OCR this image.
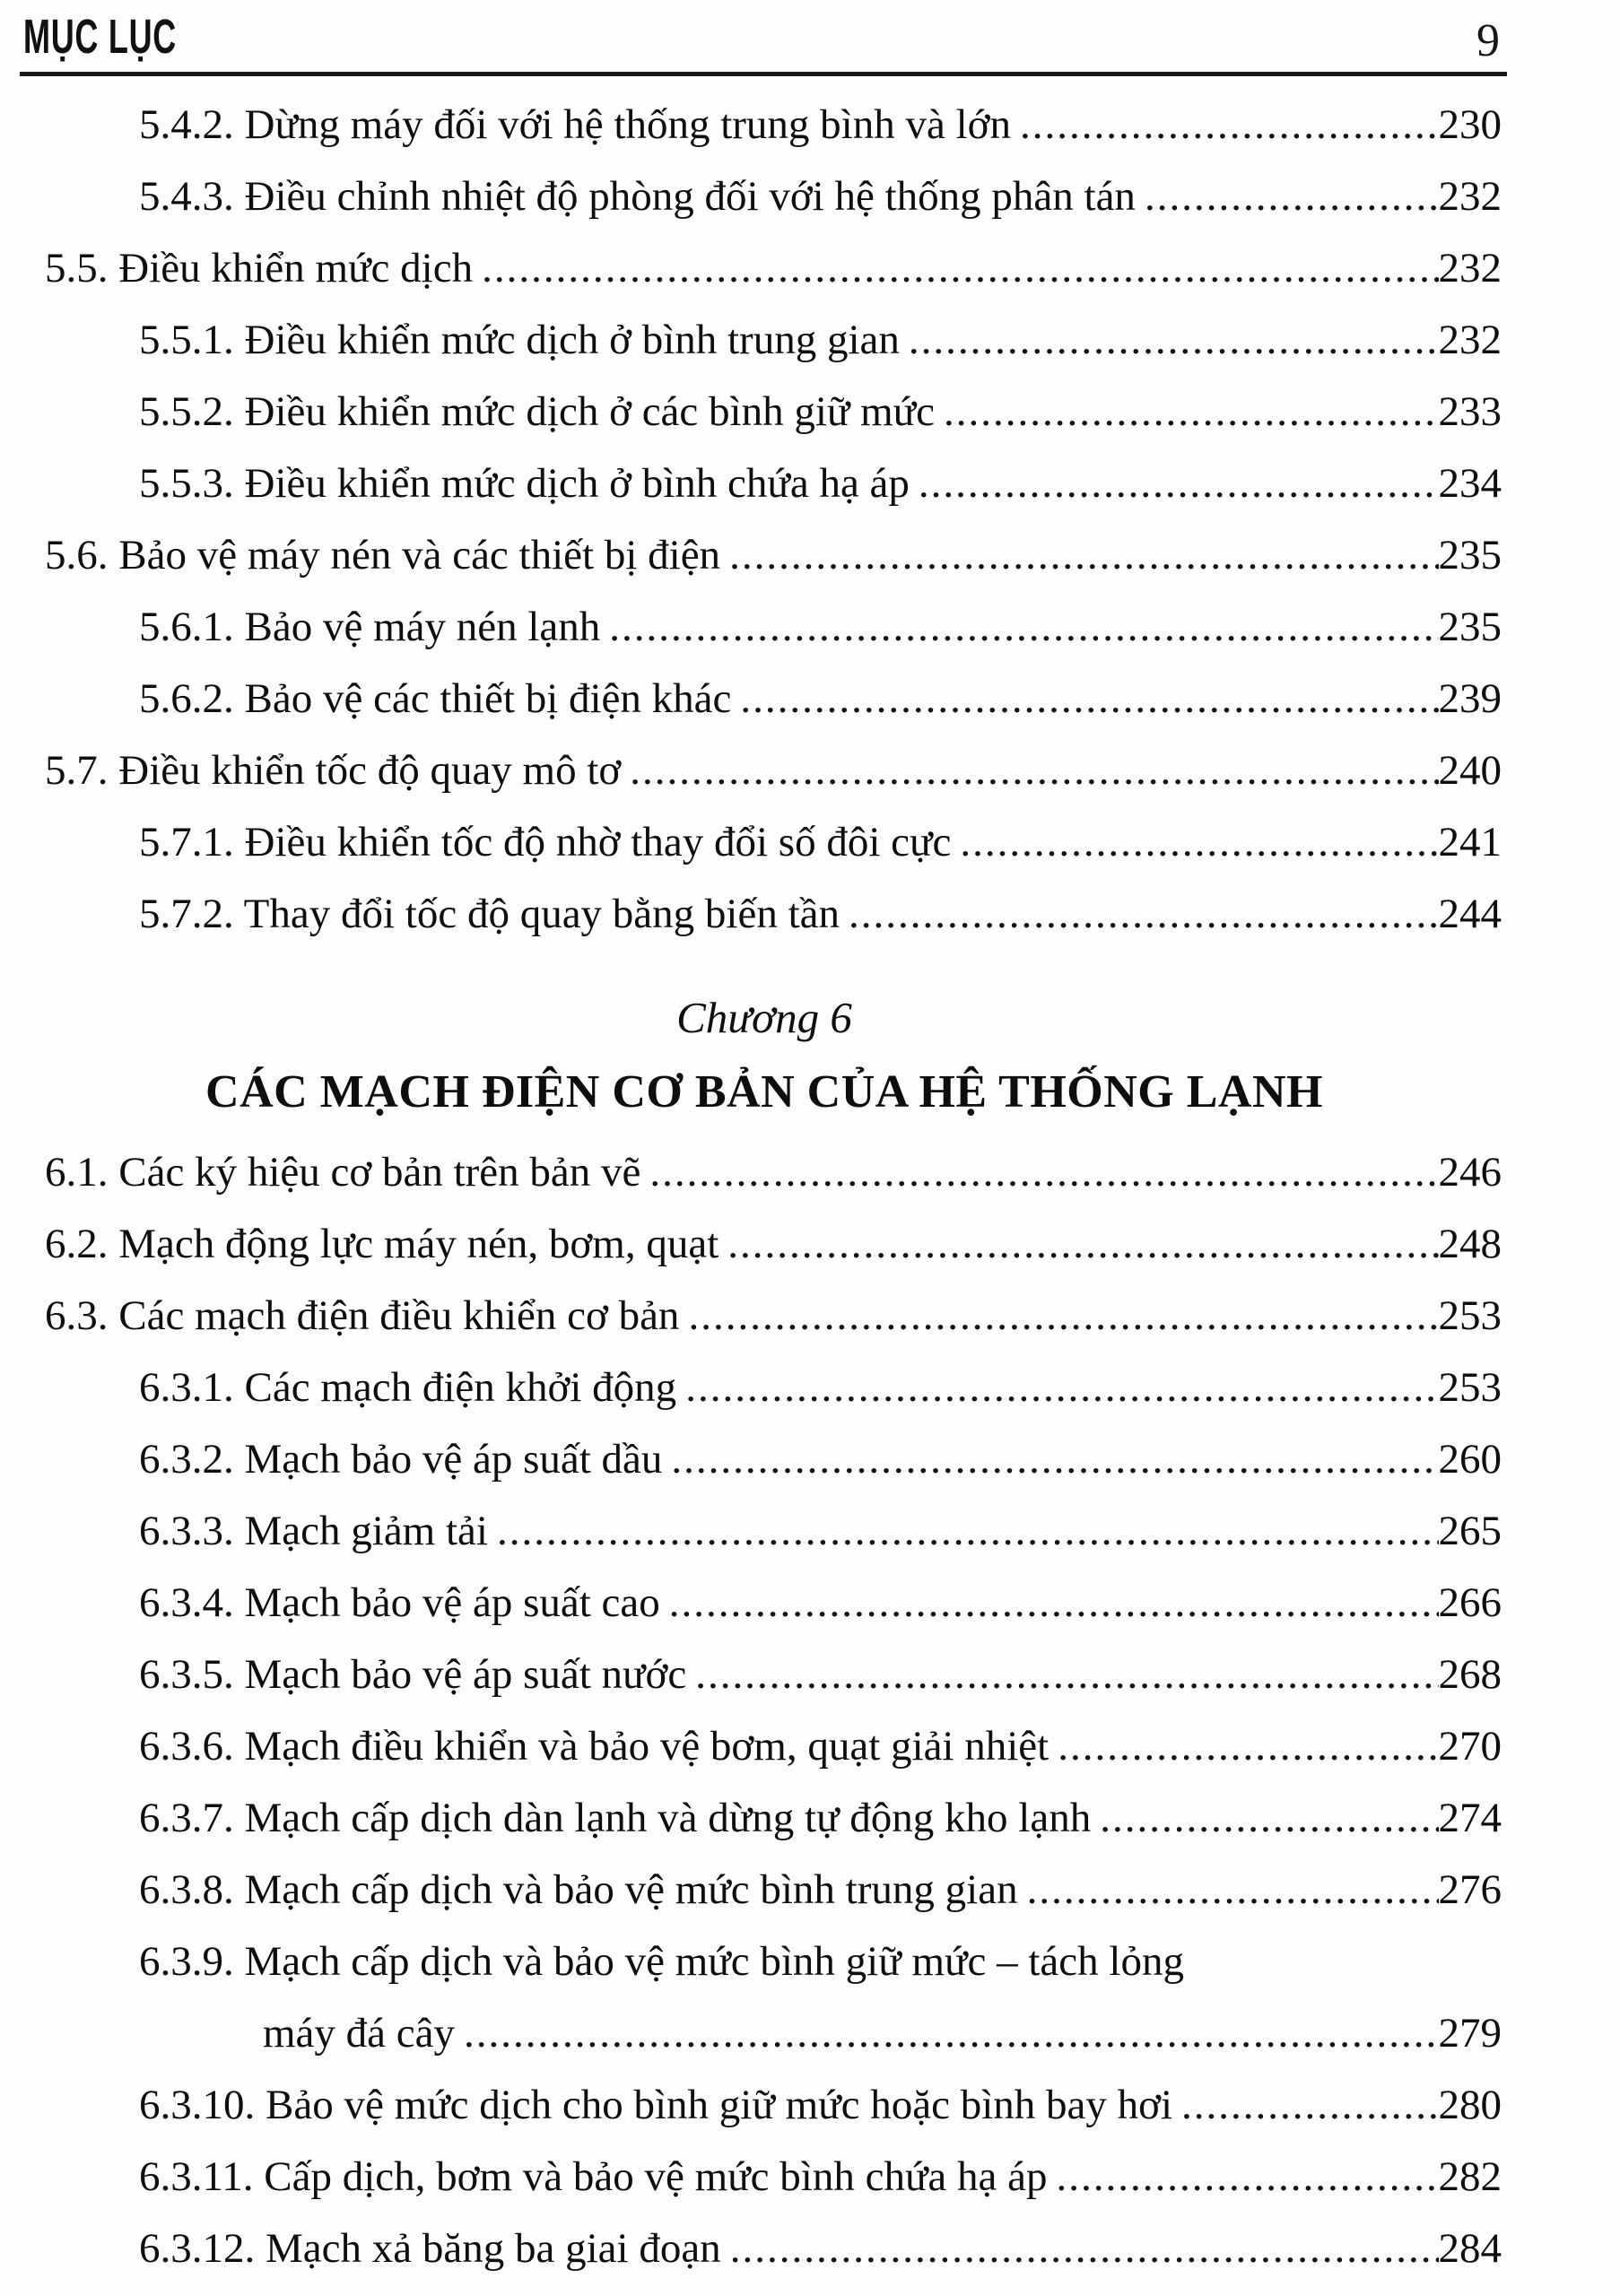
MỤC LỤC	9
5.4.2. Dừng máy đối với hệ thống trung bình và lớn .....	230
5.4.3. Điều chỉnh nhiệt độ phòng đối với hệ thống phân tán .....	232
5.5. Điều khiển mức dịch .....	232
5.5.1. Điều khiển mức dịch ở bình trung gian .....	232
5.5.2. Điều khiển mức dịch ở các bình giữ mức .....	233
5.5.3. Điều khiển mức dịch ở bình chứa hạ áp .....	234
5.6. Bảo vệ máy nén và các thiết bị điện .....	235
5.6.1. Bảo vệ máy nén lạnh .....	235
5.6.2. Bảo vệ các thiết bị điện khác .....	239
5.7. Điều khiển tốc độ quay mô tơ .....	240
5.7.1. Điều khiển tốc độ nhờ thay đổi số đôi cực .....	241
5.7.2. Thay đổi tốc độ quay bằng biến tần .....	244
Chương 6
CÁC MẠCH ĐIỆN CƠ BẢN CỦA HỆ THỐNG LẠNH
6.1. Các ký hiệu cơ bản trên bản vẽ .....	246
6.2. Mạch động lực máy nén, bơm, quạt .....	248
6.3. Các mạch điện điều khiển cơ bản .....	253
6.3.1. Các mạch điện khởi động .....	253
6.3.2. Mạch bảo vệ áp suất dầu .....	260
6.3.3. Mạch giảm tải .....	265
6.3.4. Mạch bảo vệ áp suất cao .....	266
6.3.5. Mạch bảo vệ áp suất nước .....	268
6.3.6. Mạch điều khiển và bảo vệ bơm, quạt giải nhiệt .....	270
6.3.7. Mạch cấp dịch dàn lạnh và dừng tự động kho lạnh .....	274
6.3.8. Mạch cấp dịch và bảo vệ mức bình trung gian .....	276
6.3.9. Mạch cấp dịch và bảo vệ mức bình giữ mức – tách lỏng
máy đá cây .....	279
6.3.10. Bảo vệ mức dịch cho bình giữ mức hoặc bình bay hơi .....	280
6.3.11. Cấp dịch, bơm và bảo vệ mức bình chứa hạ áp .....	282
6.3.12. Mạch xả băng ba giai đoạn .....	284
